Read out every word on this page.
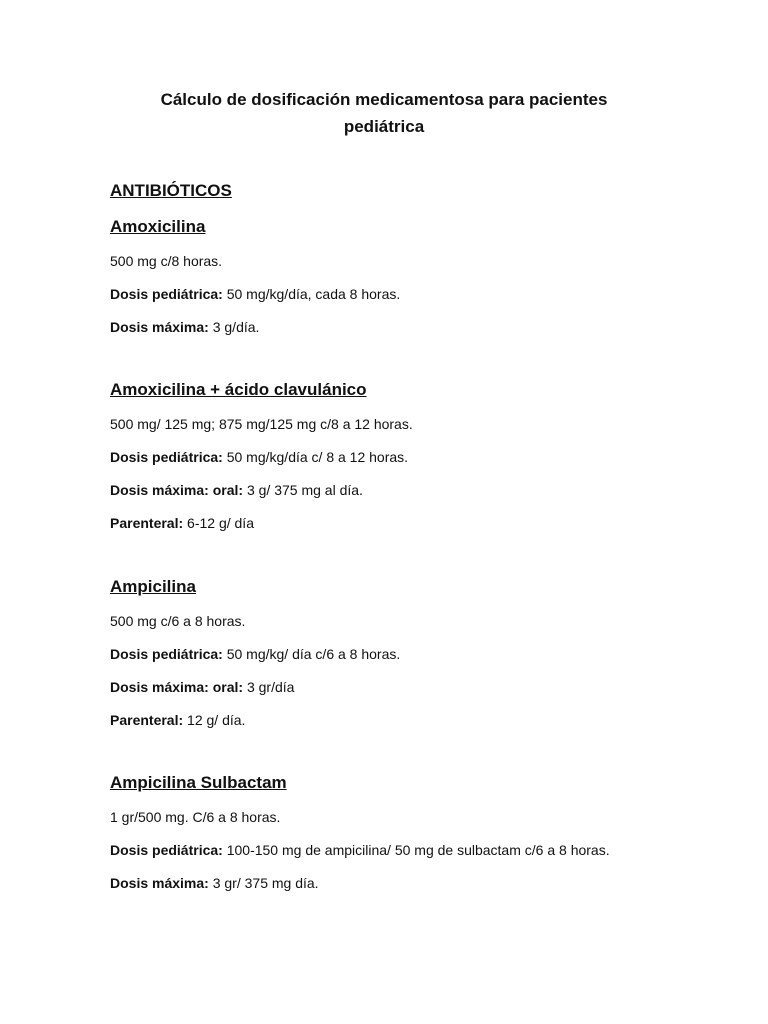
Cálculo de dosificación medicamentosa para pacientes pediátrica
ANTIBIÓTICOS
Amoxicilina

500 mg c/8 horas.

Dosis pediátrica: 50 mg/kg/día, cada 8 horas.

Dosis máxima: 3 g/día.

Amoxicilina + ácido clavulánico

500 mg/ 125 mg; 875 mg/125 mg c/8 a 12 horas.

Dosis pediátrica: 50 mg/kg/día c/ 8 a 12 horas.

Dosis máxima: oral: 3 g/ 375 mg al día.

Parenteral: 6-12 g/ día

Ampicilina

500 mg c/6 a 8 horas.

Dosis pediátrica: 50 mg/kg/ día c/6 a 8 horas.

Dosis máxima: oral: 3 gr/día

Parenteral: 12 g/ día.

Ampicilina Sulbactam

1 gr/500 mg. C/6 a 8 horas.

Dosis pediátrica: 100-150 mg de ampicilina/ 50 mg de sulbactam c/6 a 8 horas.

Dosis máxima: 3 gr/ 375 mg día.
